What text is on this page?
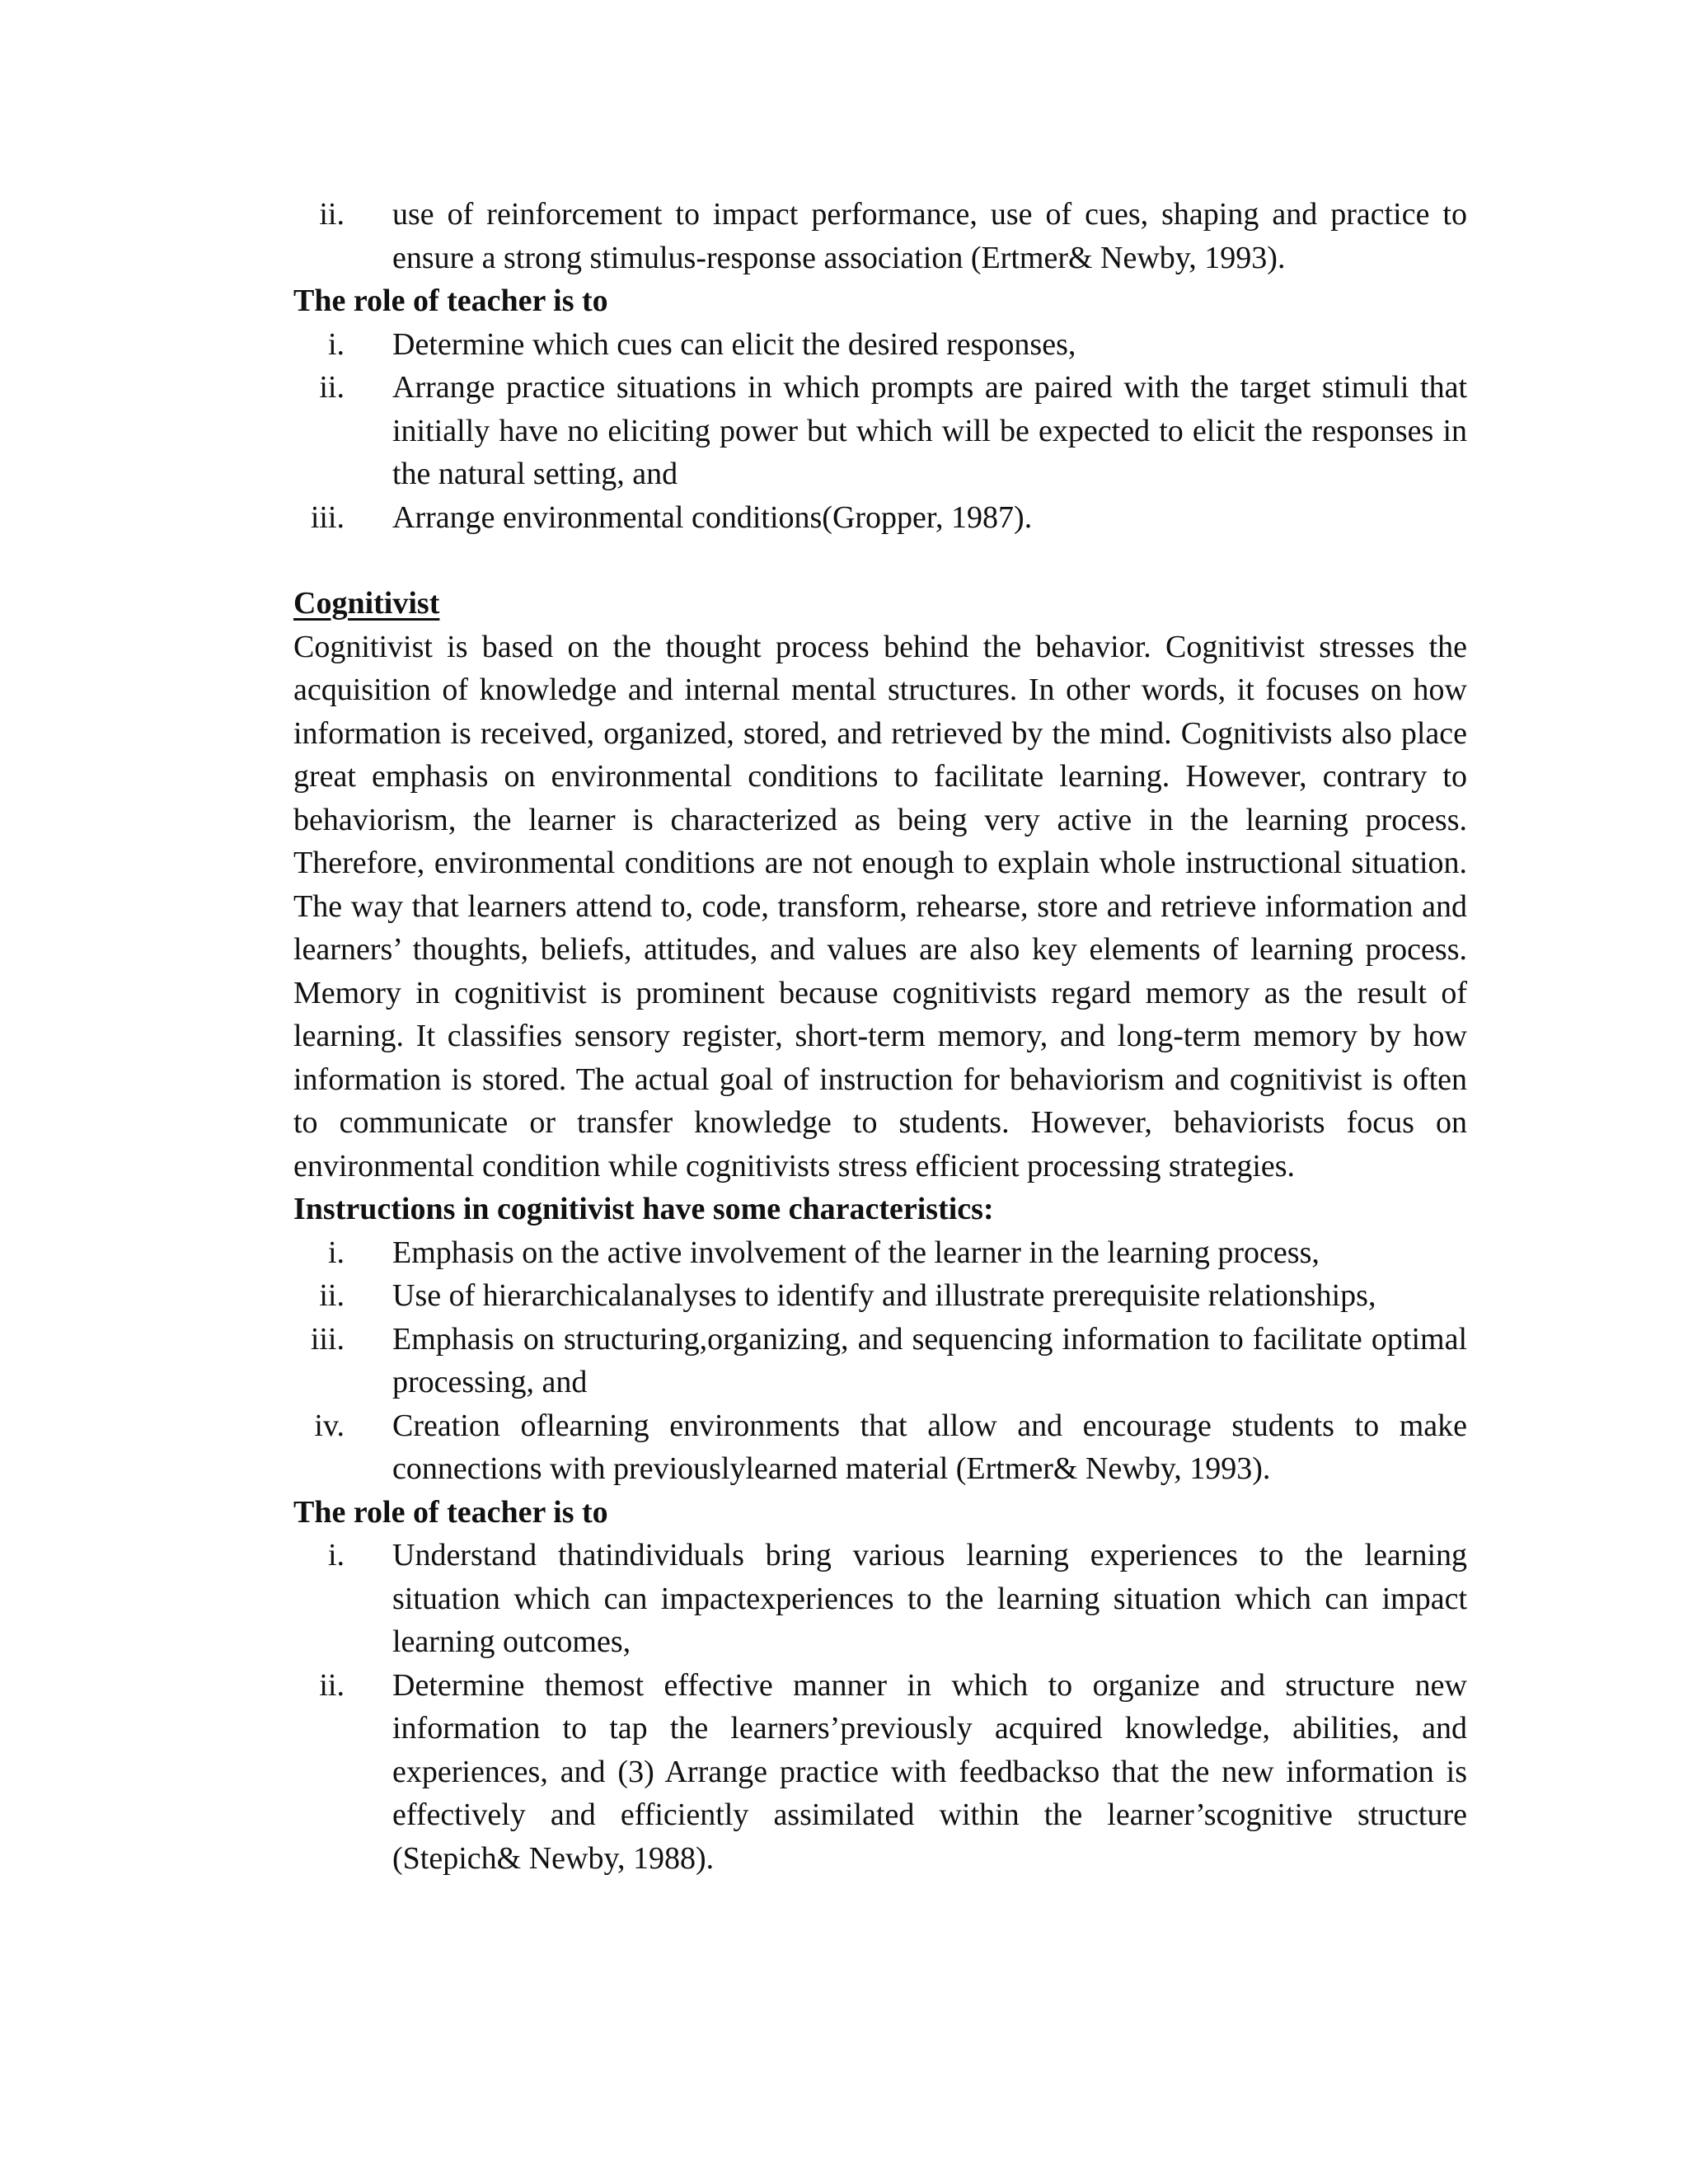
ii.	use of reinforcement to impact performance, use of cues, shaping and practice to ensure a strong stimulus-response association (Ertmer& Newby, 1993).
The role of teacher is to
i.	Determine which cues can elicit the desired responses,
ii.	Arrange practice situations in which prompts are paired with the target stimuli that initially have no eliciting power but which will be expected to elicit the responses in the natural setting, and
iii.	Arrange environmental conditions(Gropper, 1987).
Cognitivist

Cognitivist is based on the thought process behind the behavior. Cognitivist stresses the acquisition of knowledge and internal mental structures. In other words, it focuses on how information is received, organized, stored, and retrieved by the mind. Cognitivists also place great emphasis on environmental conditions to facilitate learning. However, contrary to behaviorism, the learner is characterized as being very active in the learning process. Therefore, environmental conditions are not enough to explain whole instructional situation. The way that learners attend to, code, transform, rehearse, store and retrieve information and learners’ thoughts, beliefs, attitudes, and values are also key elements of learning process. Memory in cognitivist is prominent because cognitivists regard memory as the result of learning. It classifies sensory register, short-term memory, and long-term memory by how information is stored. The actual goal of instruction for behaviorism and cognitivist is often to communicate or transfer knowledge to students. However, behaviorists focus on environmental condition while cognitivists stress efficient processing strategies.

Instructions in cognitivist have some characteristics:
i.	Emphasis on the active involvement of the learner in the learning process,
ii.	Use of hierarchicalanalyses to identify and illustrate prerequisite relationships,
iii.	Emphasis on structuring,organizing, and sequencing information to facilitate optimal processing, and
iv.	Creation oflearning environments that allow and encourage students to make connections with previouslylearned material (Ertmer& Newby, 1993).
The role of teacher is to
i.	Understand thatindividuals bring various learning experiences to the learning situation which can impactexperiences to the learning situation which can impact learning outcomes,
ii.	Determine themost effective manner in which to organize and structure new information to tap the learners’previously acquired knowledge, abilities, and experiences, and (3) Arrange practice with feedbackso that the new information is effectively and efficiently assimilated within the learner’scognitive structure (Stepich& Newby, 1988).
